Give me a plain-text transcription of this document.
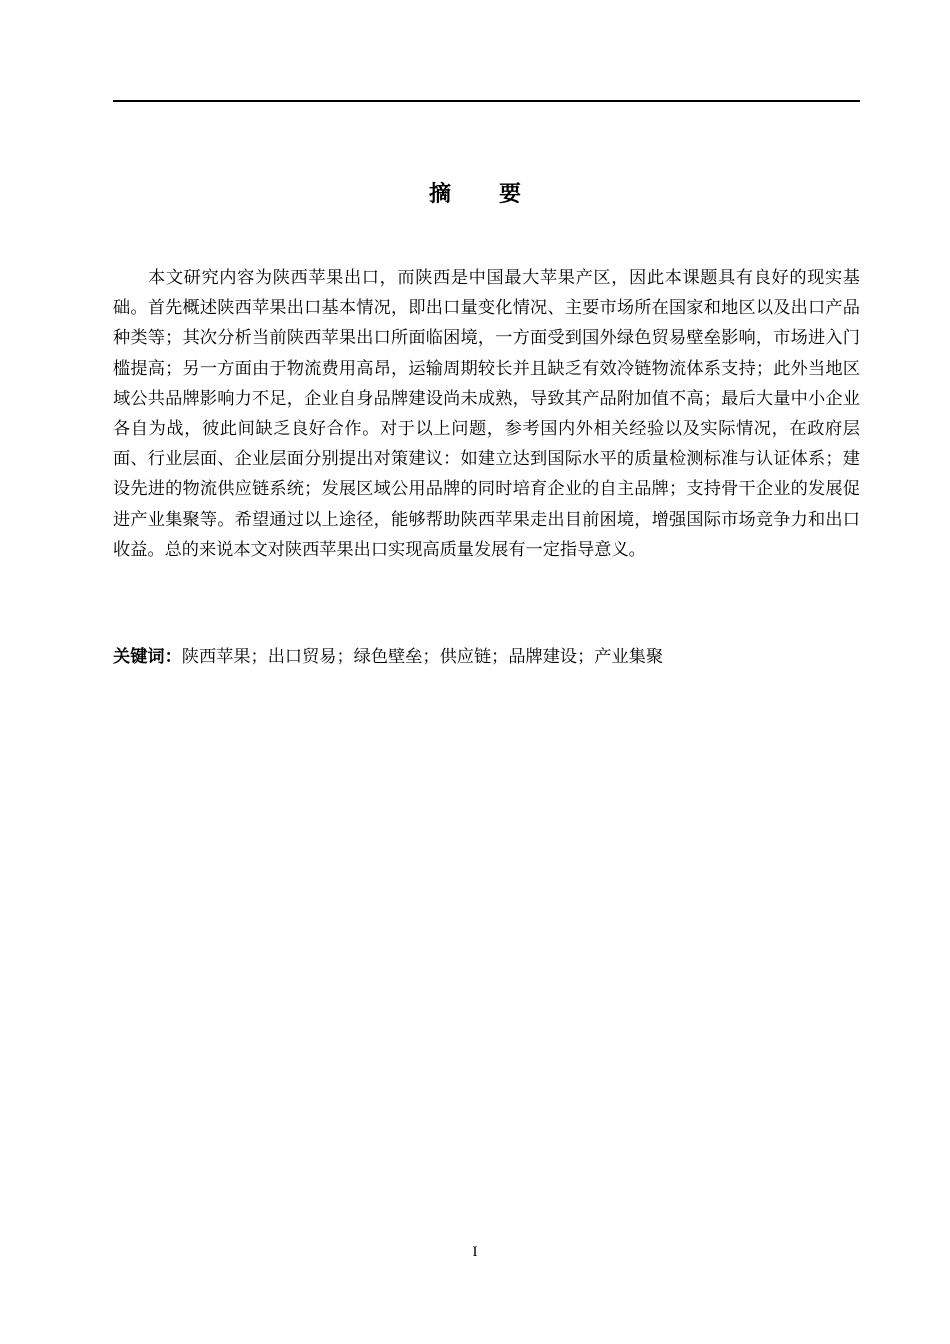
摘要

本文研究内容为陕西苹果出口，而陕西是中国最大苹果产区，因此本课题具有良好的现实基础。首先概述陕西苹果出口基本情况，即出口量变化情况、主要市场所在国家和地区以及出口产品种类等；其次分析当前陕西苹果出口所面临困境，一方面受到国外绿色贸易壁垒影响，市场进入门槛提高；另一方面由于物流费用高昂，运输周期较长并且缺乏有效冷链物流体系支持；此外当地区域公共品牌影响力不足，企业自身品牌建设尚未成熟，导致其产品附加值不高；最后大量中小企业各自为战，彼此间缺乏良好合作。对于以上问题，参考国内外相关经验以及实际情况，在政府层面、行业层面、企业层面分别提出对策建议：如建立达到国际水平的质量检测标准与认证体系；建设先进的物流供应链系统；发展区域公用品牌的同时培育企业的自主品牌；支持骨干企业的发展促进产业集聚等。希望通过以上途径，能够帮助陕西苹果走出目前困境，增强国际市场竞争力和出口收益。总的来说本文对陕西苹果出口实现高质量发展有一定指导意义。

关键词：陕西苹果；出口贸易；绿色壁垒；供应链；品牌建设；产业集聚

I
